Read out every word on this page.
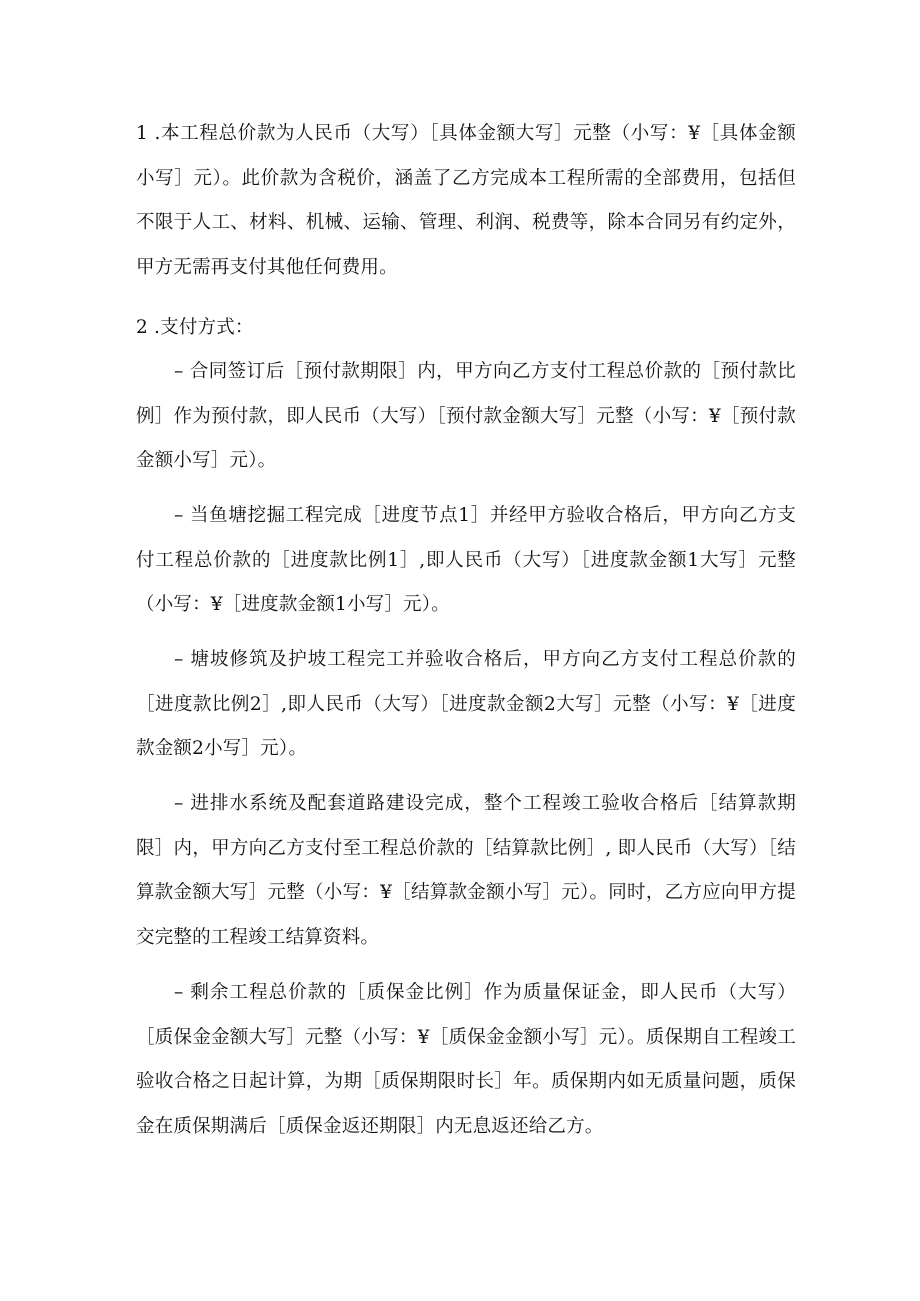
1 .本工程总价款为人民币（大写）［具体金额大写］元整（小写：¥［具体金额小写］元）。此价款为含税价，涵盖了乙方完成本工程所需的全部费用，包括但不限于人工、材料、机械、运输、管理、利润、税费等，除本合同另有约定外，甲方无需再支付其他任何费用。

2 .支付方式：

– 合同签订后［预付款期限］内，甲方向乙方支付工程总价款的［预付款比例］作为预付款，即人民币（大写）［预付款金额大写］元整（小写：¥［预付款金额小写］元）。

– 当鱼塘挖掘工程完成［进度节点1］并经甲方验收合格后，甲方向乙方支付工程总价款的［进度款比例1］,即人民币（大写）［进度款金额1大写］元整（小写：¥［进度款金额1小写］元）。

– 塘坡修筑及护坡工程完工并验收合格后，甲方向乙方支付工程总价款的［进度款比例2］,即人民币（大写）［进度款金额2大写］元整（小写：¥［进度款金额2小写］元）。

– 进排水系统及配套道路建设完成，整个工程竣工验收合格后［结算款期限］内，甲方向乙方支付至工程总价款的［结算款比例］, 即人民币（大写）［结算款金额大写］元整（小写：¥［结算款金额小写］元）。同时，乙方应向甲方提交完整的工程竣工结算资料。

– 剩余工程总价款的［质保金比例］作为质量保证金，即人民币（大写）［质保金金额大写］元整（小写：¥［质保金金额小写］元）。质保期自工程竣工验收合格之日起计算，为期［质保期限时长］年。质保期内如无质量问题，质保金在质保期满后［质保金返还期限］内无息返还给乙方。
